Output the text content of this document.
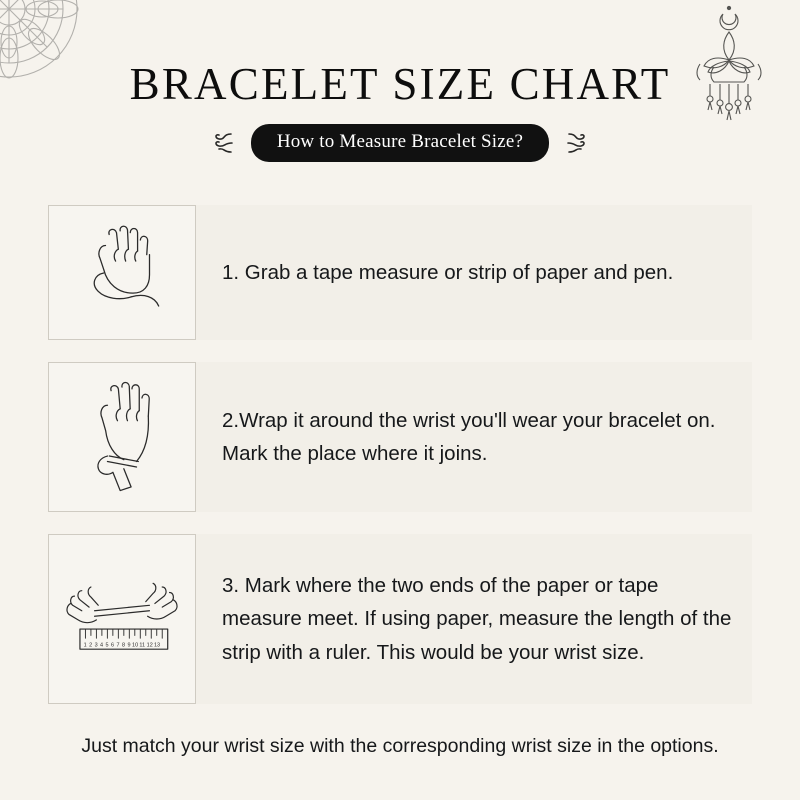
BRACELET SIZE CHART
How to Measure Bracelet Size?
1. Grab a tape measure or strip of paper and pen.
2.Wrap it around the wrist you'll wear your bracelet on. Mark the place where it joins.
1 2 3 4 5 6 7 8 9 10 11 12 13
3. Mark where the two ends of the paper or tape measure meet. If using paper, measure the length of the strip with a ruler. This would be your wrist size.
Just match your wrist size with the corresponding wrist size in the options.
